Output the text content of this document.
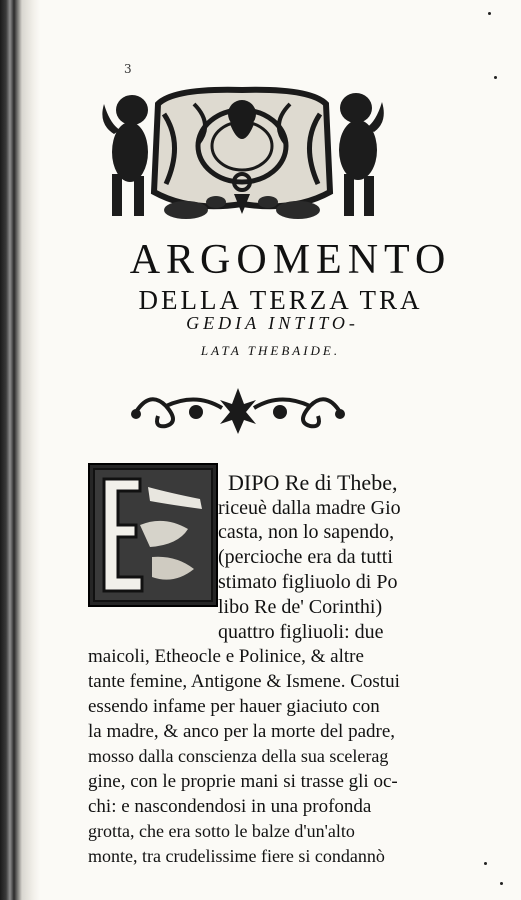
3
ARGOMENTO
DELLA TERZA TRA
GEDIA INTITO-
LATA THEBAIDE.
DIPO Re di Thebe,
riceuè dalla madre Gio
casta, non lo sapendo,
(percioche era da tutti
stimato figliuolo di Po
libo Re de' Corinthi)
quattro figliuoli: due
maicoli, Etheocle e Polinice, & altre
tante femine, Antigone & Ismene. Costui
essendo infame per hauer giaciuto con
la madre, & anco per la morte del padre,
mosso dalla conscienza della sua scelerag
gine, con le proprie mani si trasse gli oc-
chi: e nascondendosi in una profonda
grotta, che era sotto le balze d'un'alto
monte, tra crudelissime fiere si condannò
